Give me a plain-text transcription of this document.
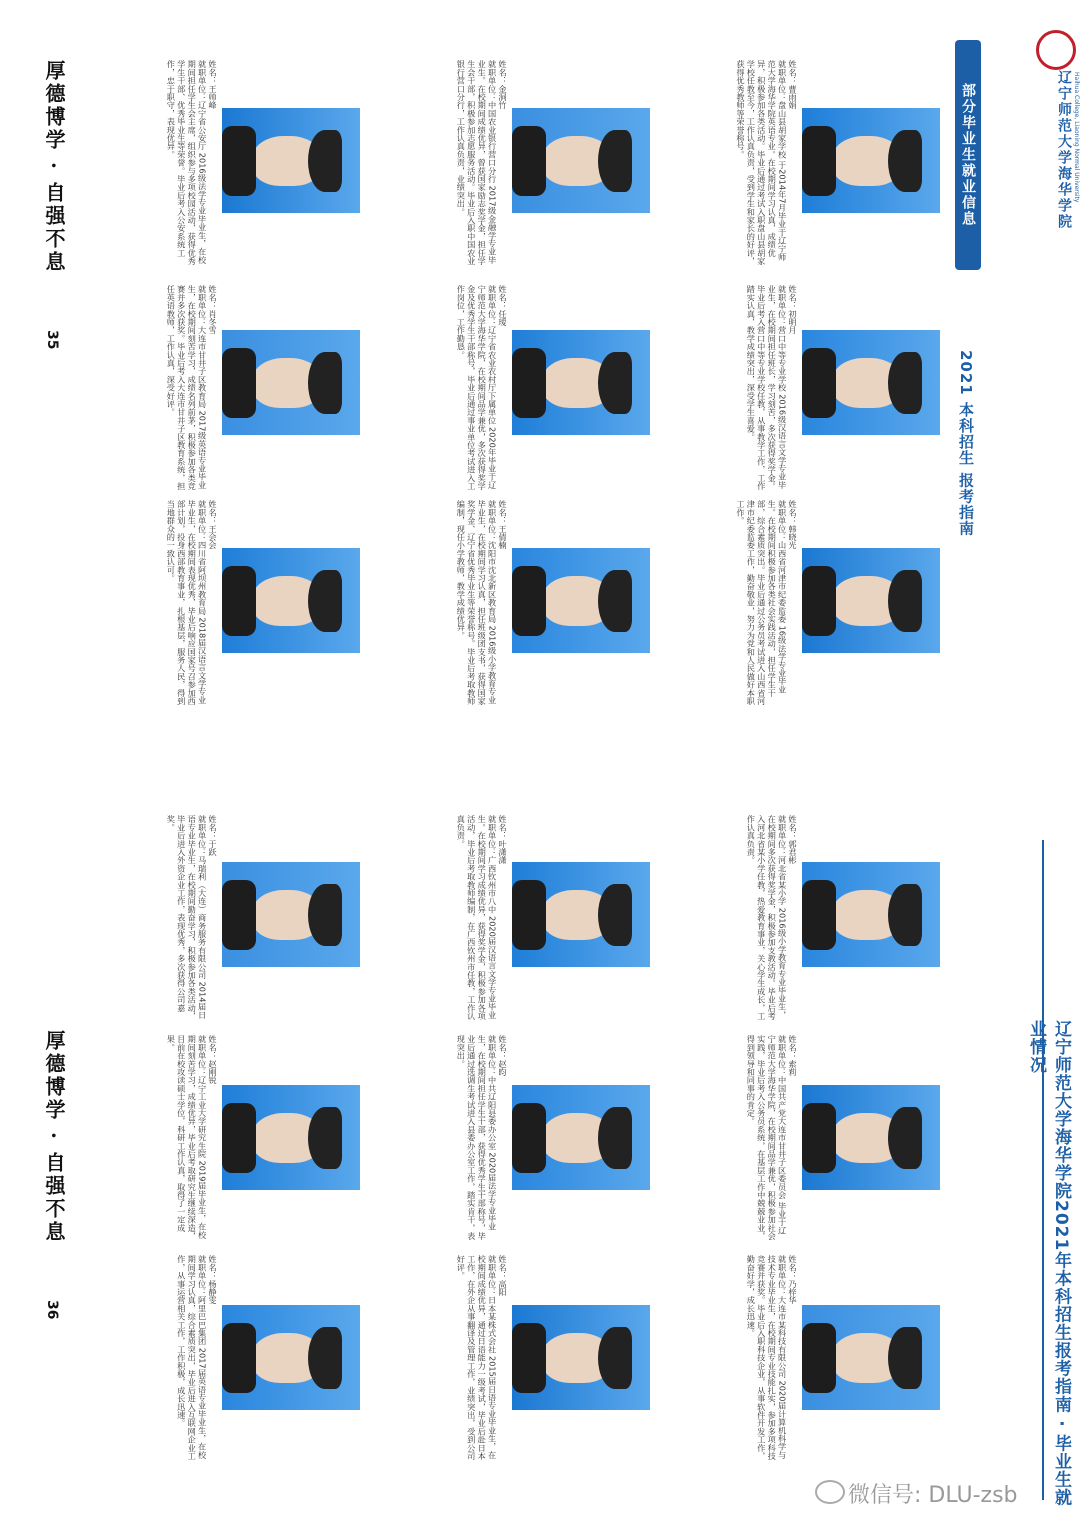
辽宁师范大学海华学院 Haihua College, Liaoning Normal University
部分毕业生就业信息
2021 本科招生 报考指南
辽宁师范大学海华学院2021年本科招生报考指南 · 毕业生就业情况
姓名：曹雨娟
就职单位：盘山县胡家学校 于2014年7月毕业于辽宁师范大学海华学院英语专业。在校期间学习认真，成绩优异，积极参加各类活动。毕业后通过考试入职盘山县胡家学校任教至今，工作认真负责，受到学生和家长的好评，获得优秀教师等荣誉称号。
姓名：初明月
就职单位：营口中等专业学校 2016级汉语言文学专业毕业生，在校期间担任班长，学习刻苦，多次获得奖学金。毕业后考入营口中等专业学校任教，从事教学工作，工作踏实认真，教学成绩突出，深受学生喜爱。
姓名：韩晓光
就职单位：山西省河津市纪委监委 16级法学专业毕业生。在校期间积极参加各类社会实践活动，担任学生干部，综合素质突出。毕业后通过公务员考试进入山西省河津市纪委监委工作，勤奋敬业，努力为党和人民做好本职工作。
姓名：金洞竹
就职单位：中国农业银行营口分行 2017级金融学专业毕业生。在校期间成绩优异，曾获国家励志奖学金，担任学生会干部，积极参加志愿服务活动。毕业后入职中国农业银行营口分行，工作认真负责，业绩突出。
姓名：任瑷
就职单位：辽宁省农业农村厅下属单位 2020年毕业于辽宁师范大学海华学院，在校期间品学兼优，多次获得奖学金及优秀学生干部称号，毕业后通过事业单位考试进入工作岗位，工作勤恳。
姓名：王倩楠
就职单位：沈阳市沈北新区教育局 2016级小学教育专业毕业生，在校期间学习认真，担任班级团支书，获得国家奖学金、辽宁省优秀毕业生等荣誉称号。毕业后考取教师编制，现任小学教师，教学成绩优异。
姓名：王帅峰
就职单位：辽宁省公安厅 2016级法学专业毕业生，在校期间担任学生会主席，组织参与多项校园活动，获得优秀学生干部、优秀毕业生等荣誉。毕业后考入公安系统工作，忠于职守，表现优异。
姓名：肖冬雪
就职单位：大连市甘井子区教育局 2017级英语专业毕业生，在校期间刻苦学习，成绩名列前茅，积极参加各类竞赛并多次获奖。毕业后考入大连市甘井子区教育系统，担任英语教师，工作认真，深受好评。
姓名：王会会
就职单位：四川省阿坝州教育局 2018届汉语言文学专业毕业生，在校期间表现优秀，毕业后响应国家号召参加西部计划，投身西部教育事业，扎根基层，服务人民，得到当地群众的一致认可。
姓名：郭君彬
就职单位：河北省某小学 2016级小学教育专业毕业生，在校期间多次获得奖学金，积极参加支教活动。毕业后考入河北省某小学任教，热爱教育事业，关心学生成长，工作认真负责。
姓名：索莉
就职单位：中国共产党大连市甘井子区委员会 毕业于辽宁师范大学海华学院，在校期间品学兼优，积极参加社会实践，毕业后考入公务员系统，在基层工作中兢兢业业，得到领导和同事的肯定。
姓名：乃梓华
就职单位：大连市某科技有限公司 2020届计算机科学与技术专业毕业生，在校期间专业技能扎实，参加多项科技竞赛并获奖。毕业后入职科技企业，从事软件开发工作，勤奋好学，成长迅速。
姓名：叶潇潇
就职单位：广西钦州市八中 2020届汉语言文学专业毕业生。在校期间学习成绩优异，获得奖学金，积极参加各项活动，毕业后考取教师编制，在广西钦州市任教，工作认真负责。
姓名：赵昀
就职单位：中共辽阳县委办公室 2020届法学专业毕业生，在校期间担任学生干部，获得优秀学生干部称号，毕业后通过选调生考试进入县委办公室工作，踏实肯干，表现突出。
姓名：高阳
就职单位：日本某株式会社 2015届日语专业毕业生，在校期间成绩优异，通过日语能力一级考试，毕业后赴日本工作，在外企从事翻译及管理工作，业绩突出，受到公司好评。
姓名：于跃
就职单位：马瑞利（大连）商务服务有限公司 2014届日语专业毕业生，在校期间勤奋学习，积极参加各类活动，毕业后进入外资企业工作，表现优秀，多次获得公司嘉奖。
姓名：赵刚锐
就职单位：辽宁工业大学研究生院 2019届毕业生，在校期间刻苦学习，成绩优异，毕业后考取研究生继续深造，目前在校攻读硕士学位，科研工作认真，取得了一定成果。
姓名：杨静雯
就职单位：阿里巴巴集团 2017届英语专业毕业生，在校期间学习认真，综合素质突出，毕业后进入互联网企业工作，从事运营相关工作，工作积极，成长迅速。
厚德博学 · 自强不息
35
厚德博学 · 自强不息
36
微信号: DLU-zsb
